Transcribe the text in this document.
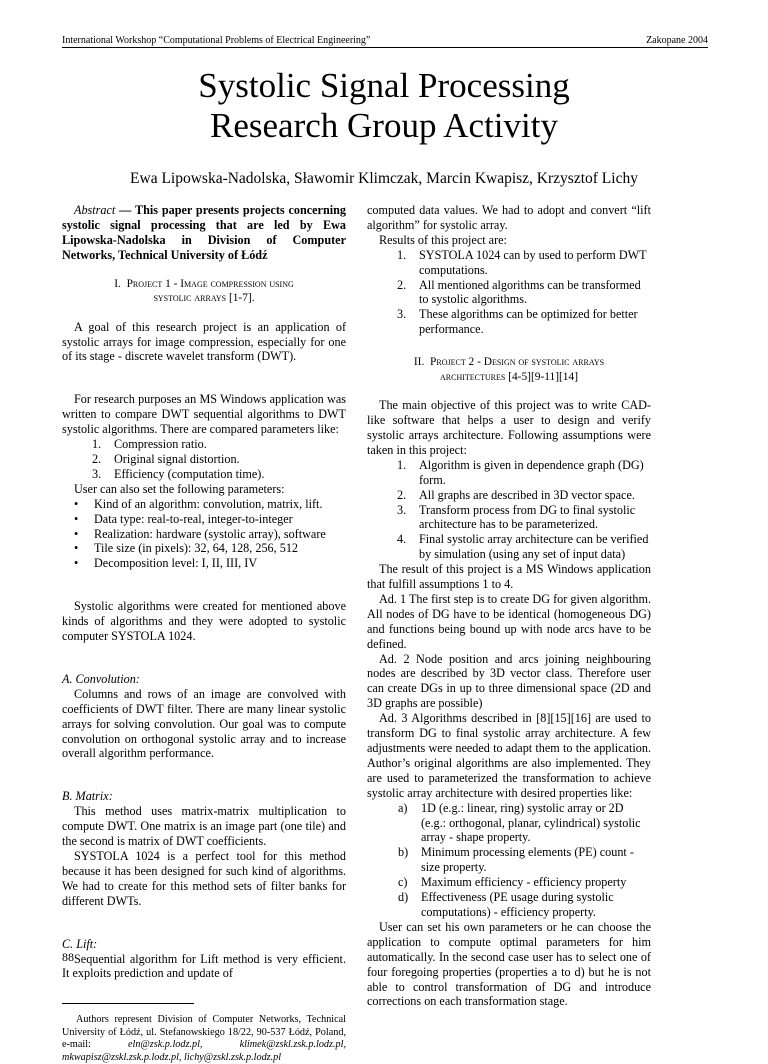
International Workshop “Computational Problems of Electrical Engineering”	Zakopane 2004
Systolic Signal Processing
Research Group Activity
Ewa Lipowska-Nadolska, Sławomir Klimczak, Marcin Kwapisz, Krzysztof Lichy

Abstract — This paper presents projects concerning systolic signal processing that are led by Ewa Lipowska-Nadolska in Division of Computer Networks, Technical University of Łódź

I. Project 1 - Image compression using
systolic arrays [1-7].

A goal of this research project is an application of systolic arrays for image compression, especially for one of its stage - discrete wavelet transform (DWT).

For research purposes an MS Windows application was written to compare DWT sequential algorithms to DWT systolic algorithms. There are compared parameters like:

1. Compression ratio.
2. Original signal distortion.
3. Efficiency (computation time).

User can also set the following parameters:

• Kind of an algorithm: convolution, matrix, lift.
• Data type: real-to-real, integer-to-integer
• Realization: hardware (systolic array), software
• Tile size (in pixels): 32, 64, 128, 256, 512
• Decomposition level: I, II, III, IV

Systolic algorithms were created for mentioned above kinds of algorithms and they were adopted to systolic computer SYSTOLA 1024.

A. Convolution:

Columns and rows of an image are convolved with coefficients of DWT filter. There are many linear systolic arrays for solving convolution. Our goal was to compute convolution on orthogonal systolic array and to increase overall algorithm performance.

B. Matrix:

This method uses matrix-matrix multiplication to compute DWT. One matrix is an image part (one tile) and the second is matrix of DWT coefficients.

SYSTOLA 1024 is a perfect tool for this method because it has been designed for such kind of algorithms. We had to create for this method sets of filter banks for different DWTs.

C. Lift:

Sequential algorithm for Lift method is very efficient. It exploits prediction and update of

Authors represent Division of Computer Networks, Technical University of Łódź, ul. Stefanowskiego 18/22, 90-537 Łódź, Poland, e-mail:	eln@zsk.p.lodz.pl, klimek@zskl.zsk.p.lodz.pl, mkwapisz@zskl.zsk.p.lodz.pl, lichy@zskl.zsk.p.lodz.pl

88

computed data values. We had to adopt and convert “lift algorithm” for systolic array.

Results of this project are:

1. SYSTOLA 1024 can by used to perform DWT computations.
2. All mentioned algorithms can be transformed to systolic algorithms.
3. These algorithms can be optimized for better performance.
II. Project 2 - Design of systolic arrays
architectures [4-5][9-11][14]

The main objective of this project was to write CAD-like software that helps a user to design and verify systolic arrays architecture. Following assumptions were taken in this project:

1. Algorithm is given in dependence graph (DG) form.
2. All graphs are described in 3D vector space.
3. Transform process from DG to final systolic architecture has to be parameterized.
4. Final systolic array architecture can be verified by simulation (using any set of input data)

The result of this project is a MS Windows application that fulfill assumptions 1 to 4.

Ad. 1 The first step is to create DG for given algorithm. All nodes of DG have to be identical (homogeneous DG) and functions being bound up with node arcs have to be defined.

Ad. 2 Node position and arcs joining neighbouring nodes are described by 3D vector class. Therefore user can create DGs in up to three dimensional space (2D and 3D graphs are possible)

Ad. 3 Algorithms described in [8][15][16] are used to transform DG to final systolic array architecture. A few adjustments were needed to adapt them to the application. Author’s original algorithms are also implemented. They are used to parameterized the transformation to achieve systolic array architecture with desired properties like:

a) 1D (e.g.: linear, ring) systolic array or 2D (e.g.: orthogonal, planar, cylindrical) systolic array - shape property.
b) Minimum processing elements (PE) count - size property.
c) Maximum efficiency - efficiency property
d) Effectiveness (PE usage during systolic computations) - efficiency property.

User can set his own parameters or he can choose the application to compute optimal parameters for him automatically. In the second case user has to select one of four foregoing properties (properties a to d) but he is not able to control transformation of DG and introduce corrections on each transformation stage.
